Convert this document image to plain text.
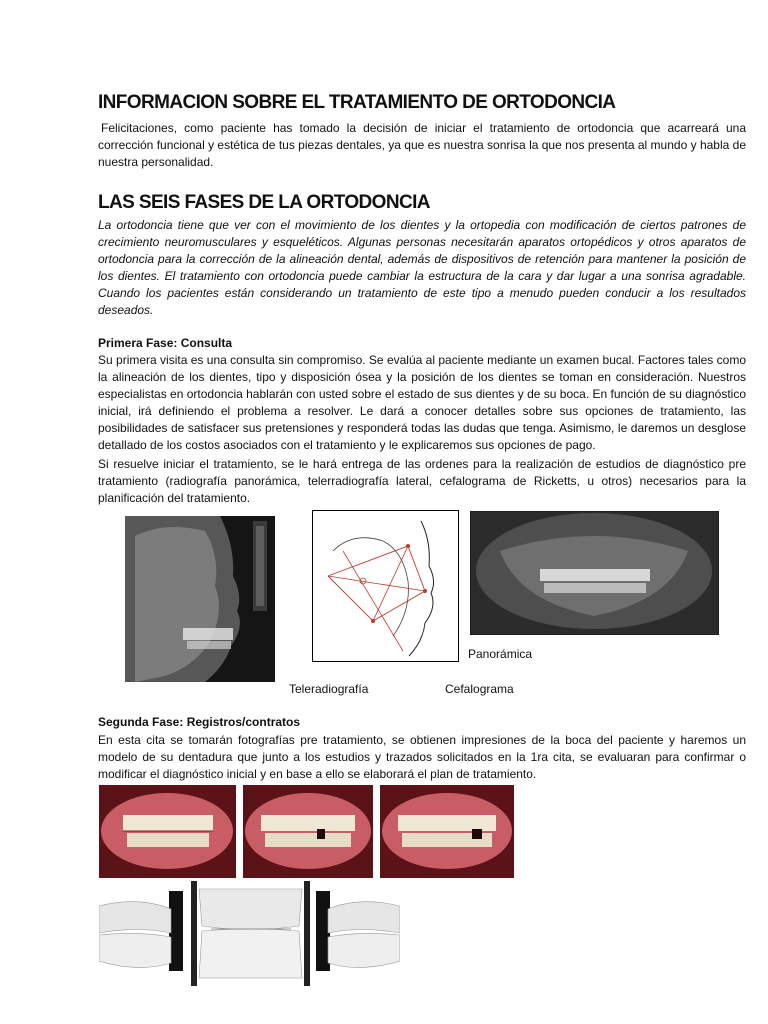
INFORMACION SOBRE EL TRATAMIENTO DE ORTODONCIA

Felicitaciones, como paciente has tomado la decisión de iniciar el tratamiento de ortodoncia que acarreará una corrección funcional y estética de tus piezas dentales, ya que es nuestra sonrisa la que nos presenta al mundo y habla de nuestra personalidad.

LAS SEIS FASES DE LA ORTODONCIA

La ortodoncia tiene que ver con el movimiento de los dientes y la ortopedia con modificación de ciertos patrones de crecimiento neuromusculares y esqueléticos. Algunas personas necesitarán aparatos ortopédicos y otros aparatos de ortodoncia para la corrección de la alineación dental, además de dispositivos de retención para mantener la posición de los dientes. El tratamiento con ortodoncia puede cambiar la estructura de la cara y dar lugar a una sonrisa agradable. Cuando los pacientes están considerando un tratamiento de este tipo a menudo pueden conducir a los resultados deseados.

Primera Fase: Consulta

Su primera visita es una consulta sin compromiso. Se evalúa al paciente mediante un examen bucal. Factores tales como la alineación de los dientes, tipo y disposición ósea y la posición de los dientes se toman en consideración. Nuestros especialistas en ortodoncia hablarán con usted sobre el estado de sus dientes y de su boca. En función de su diagnóstico inicial, irá definiendo el problema a resolver. Le dará a conocer detalles sobre sus opciones de tratamiento, las posibilidades de satisfacer sus pretensiones y responderá todas las dudas que tenga. Asimismo, le daremos un desglose detallado de los costos asociados con el tratamiento y le explicaremos sus opciones de pago.

Si resuelve iniciar el tratamiento, se le hará entrega de las ordenes para la realización de estudios de diagnóstico pre tratamiento (radiografía panorámica, telerradiografía lateral, cefalograma de Ricketts, u otros) necesarios para la planificación del tratamiento.

Panorámica
Teleradiografía	Cefalograma
Segunda Fase: Registros/contratos

En esta cita se tomarán fotografías pre tratamiento, se obtienen impresiones de la boca del paciente y haremos un modelo de su dentadura que junto a los estudios y trazados solicitados en la 1ra cita, se evaluaran para confirmar o modificar el diagnóstico inicial y en base a ello se elaborará el plan de tratamiento.
